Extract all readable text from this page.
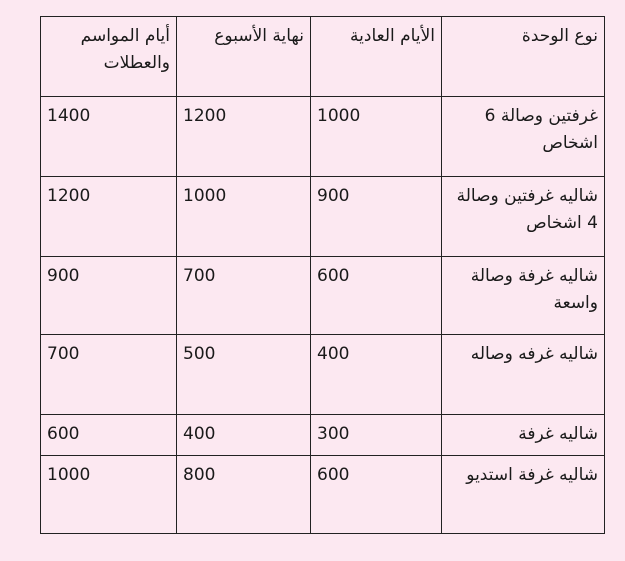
نوع الوحدة	الأيام العادية	نهاية الأسبوع	أيام المواسم والعطلات
غرفتين وصالة 6 اشخاص	1000	1200	1400
شاليه غرفتين وصالة 4 اشخاص	900	1000	1200
شاليه غرفة وصالة واسعة	600	700	900
شاليه غرفه وصاله	400	500	700
شاليه غرفة	300	400	600
شاليه غرفة استديو	600	800	1000
